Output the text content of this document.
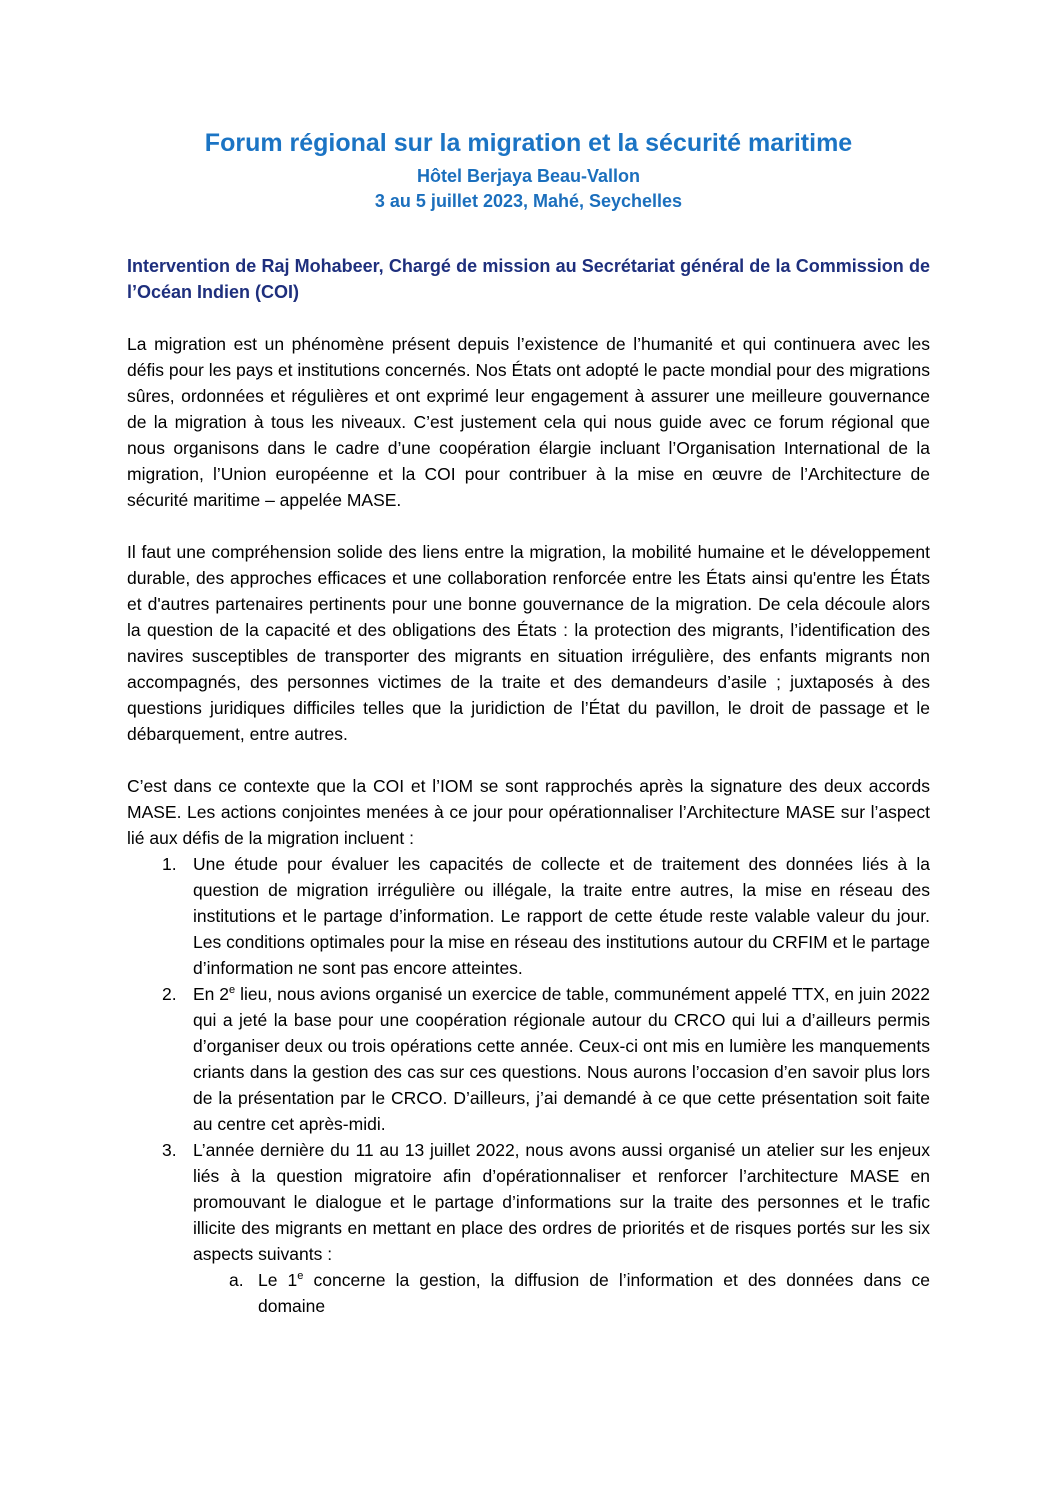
Forum régional sur la migration et la sécurité maritime

Hôtel Berjaya Beau-Vallon

3 au 5 juillet 2023, Mahé, Seychelles

Intervention de Raj Mohabeer, Chargé de mission au Secrétariat général de la Commission de l’Océan Indien (COI)

La migration est un phénomène présent depuis l’existence de l’humanité et qui continuera avec les défis pour les pays et institutions concernés. Nos États ont adopté le pacte mondial pour des migrations sûres, ordonnées et régulières et ont exprimé leur engagement à assurer une meilleure gouvernance de la migration à tous les niveaux. C’est justement cela qui nous guide avec ce forum régional que nous organisons dans le cadre d’une coopération élargie incluant l’Organisation International de la migration, l’Union européenne et la COI pour contribuer à la mise en œuvre de l’Architecture de sécurité maritime – appelée MASE.

Il faut une compréhension solide des liens entre la migration, la mobilité humaine et le développement durable, des approches efficaces et une collaboration renforcée entre les États ainsi qu'entre les États et d'autres partenaires pertinents pour une bonne gouvernance de la migration. De cela découle alors la question de la capacité et des obligations des États : la protection des migrants, l’identification des navires susceptibles de transporter des migrants en situation irrégulière, des enfants migrants non accompagnés, des personnes victimes de la traite et des demandeurs d’asile ; juxtaposés à des questions juridiques difficiles telles que la juridiction de l’État du pavillon, le droit de passage et le débarquement, entre autres.

C’est dans ce contexte que la COI et l’IOM se sont rapprochés après la signature des deux accords MASE. Les actions conjointes menées à ce jour pour opérationnaliser l’Architecture MASE sur l’aspect lié aux défis de la migration incluent :

1. Une étude pour évaluer les capacités de collecte et de traitement des données liés à la question de migration irrégulière ou illégale, la traite entre autres, la mise en réseau des institutions et le partage d’information. Le rapport de cette étude reste valable valeur du jour. Les conditions optimales pour la mise en réseau des institutions autour du CRFIM et le partage d’information ne sont pas encore atteintes.
2. En 2e lieu, nous avions organisé un exercice de table, communément appelé TTX, en juin 2022 qui a jeté la base pour une coopération régionale autour du CRCO qui lui a d’ailleurs permis d’organiser deux ou trois opérations cette année. Ceux-ci ont mis en lumière les manquements criants dans la gestion des cas sur ces questions. Nous aurons l’occasion d’en savoir plus lors de la présentation par le CRCO. D’ailleurs, j’ai demandé à ce que cette présentation soit faite au centre cet après-midi.
3. L’année dernière du 11 au 13 juillet 2022, nous avons aussi organisé un atelier sur les enjeux liés à la question migratoire afin d’opérationnaliser et renforcer l’architecture MASE en promouvant le dialogue et le partage d’informations sur la traite des personnes et le trafic illicite des migrants en mettant en place des ordres de priorités et de risques portés sur les six aspects suivants :
a. Le 1e concerne la gestion, la diffusion de l’information et des données dans ce domaine
